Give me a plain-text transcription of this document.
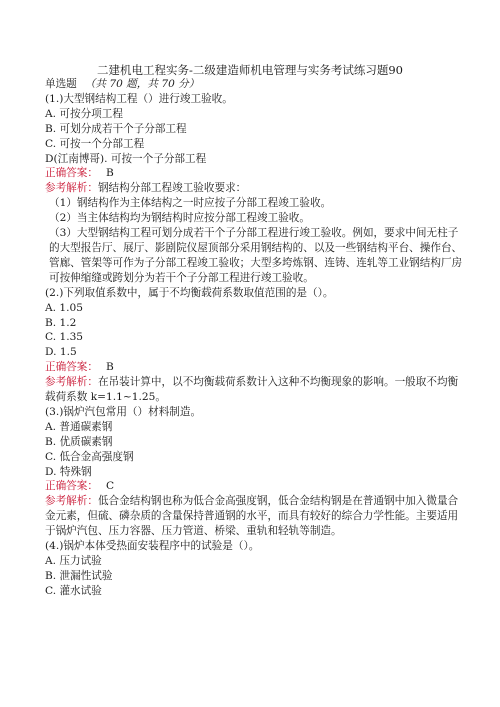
二建机电工程实务-二级建造师机电管理与实务考试练习题90
单选题 （共 70 题，共 70 分）
(1.)大型钢结构工程（）进行竣工验收。
A. 可按分项工程
B. 可划分成若干个子分部工程
C. 可按一个分部工程
D(江南博哥). 可按一个子分部工程
正确答案： B
参考解析：钢结构分部工程竣工验收要求：
（1）钢结构作为主体结构之一时应按子分部工程竣工验收。
（2）当主体结构均为钢结构时应按分部工程竣工验收。
（3）大型钢结构工程可划分成若干个子分部工程进行竣工验收。例如，要求中间无柱子的大型报告厅、展厅、影剧院仪屋顶部分采用钢结构的、以及一些钢结构平台、操作台、管廊、管架等可作为子分部工程竣工验收；大型多垮炼钢、连铸、连轧等工业钢结构厂房可按伸缩缝或跨划分为若干个子分部工程进行竣工验收。
(2.)下列取值系数中，属于不均衡载荷系数取值范围的是（）。
A. 1.05
B. 1.2
C. 1.35
D. 1.5
正确答案： B
参考解析：在吊装计算中，以不均衡载荷系数计入这种不均衡现象的影响。一般取不均衡载荷系数 k=1.1~1.25。
(3.)锅炉汽包常用（）材料制造。
A. 普通碳素钢
B. 优质碳素钢
C. 低合金高强度钢
D. 特殊钢
正确答案： C
参考解析：低合金结构钢也称为低合金高强度钢，低合金结构钢是在普通钢中加入微量合金元素，但硫、磷杂质的含量保持普通钢的水平，而具有较好的综合力学性能。主要适用于锅炉汽包、压力容器、压力管道、桥梁、重轨和轻轨等制造。
(4.)锅炉本体受热面安装程序中的试验是（）。
A. 压力试验
B. 泄漏性试验
C. 灌水试验
